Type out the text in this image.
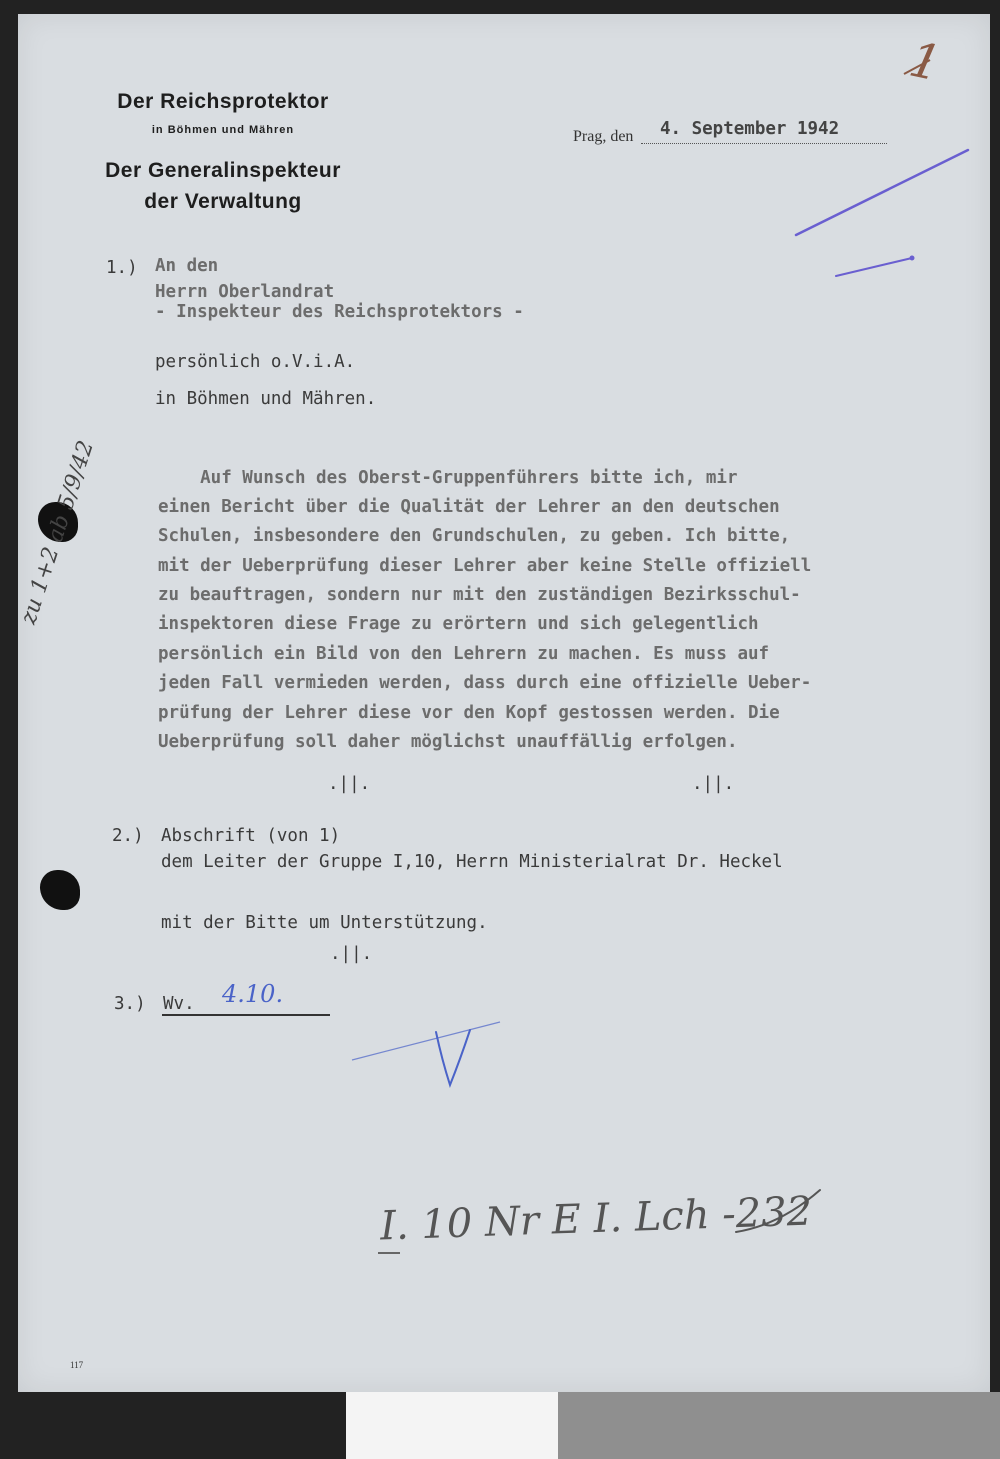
Der Reichsprotektor
in Böhmen und Mähren
Der Generalinspekteur
der Verwaltung
Prag, den 4. September 1942
1
1.) An den
Herrn Oberlandrat
- Inspekteur des Reichsprotektors -
persönlich o.V.i.A.
in Böhmen und Mähren.
Auf Wunsch des Oberst-Gruppenführers bitte ich, mir
einen Bericht über die Qualität der Lehrer an den deutschen
Schulen, insbesondere den Grundschulen, zu geben. Ich bitte,
mit der Ueberprüfung dieser Lehrer aber keine Stelle offiziell
zu beauftragen, sondern nur mit den zuständigen Bezirksschul-
inspektoren diese Frage zu erörtern und sich gelegentlich
persönlich ein Bild von den Lehrern zu machen. Es muss auf
jeden Fall vermieden werden, dass durch eine offizielle Ueber-
prüfung der Lehrer diese vor den Kopf gestossen werden. Die
Ueberprüfung soll daher möglichst unauffällig erfolgen.
.||.	.||.
2.) Abschrift (von 1)
dem Leiter der Gruppe I,10, Herrn Ministerialrat Dr. Heckel
mit der Bitte um Unterstützung.
.||.
3.) Wv. 4.10.
zu 1+2 ab 5/9/42
I. 10 Nr E I. Lch -232
117
